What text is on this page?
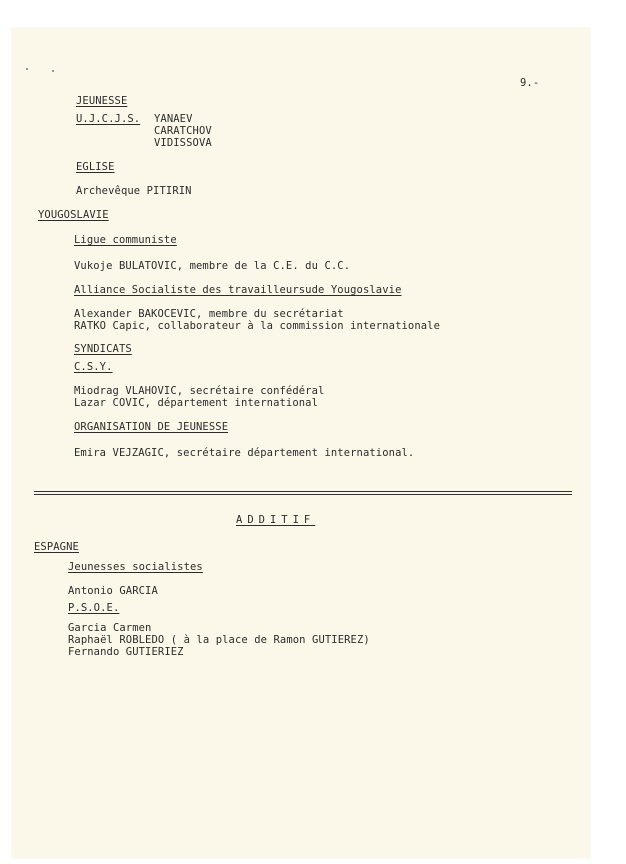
9.-
JEUNESSE
U.J.C.J.S. YANAEV
CARATCHOV
VIDISSOVA
EGLISE
Archevêque PITIRIN
YOUGOSLAVIE
Ligue communiste
Vukoje BULATOVIC, membre de la C.E. du C.C.
Alliance Socialiste des travailleursude Yougoslavie
Alexander BAKOCEVIC, membre du secrétariat
RATKO Capic, collaborateur à la commission internationale
SYNDICATS
C.S.Y.
Miodrag VLAHOVIC, secrétaire confédéral
Lazar COVIC, département international
ORGANISATION DE JEUNESSE
Emira VEJZAGIC, secrétaire département international.
ADDITIF
ESPAGNE
Jeunesses socialistes
Antonio GARCIA
P.S.O.E.
Garcia Carmen
Raphaël ROBLEDO ( à la place de Ramon GUTIEREZ)
Fernando GUTIERIEZ
